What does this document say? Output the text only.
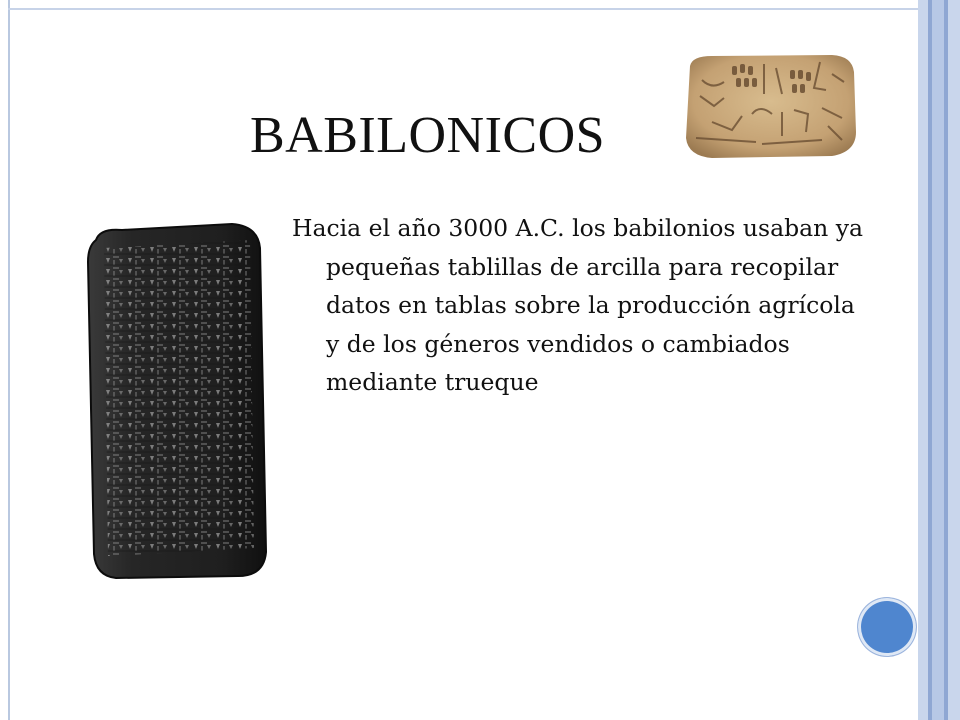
BABILONICOS
Hacia el año 3000 A.C. los babilonios usaban ya pequeñas tablillas de arcilla para recopilar datos en tablas sobre la producción agrícola y de los géneros vendidos o cambiados mediante trueque
